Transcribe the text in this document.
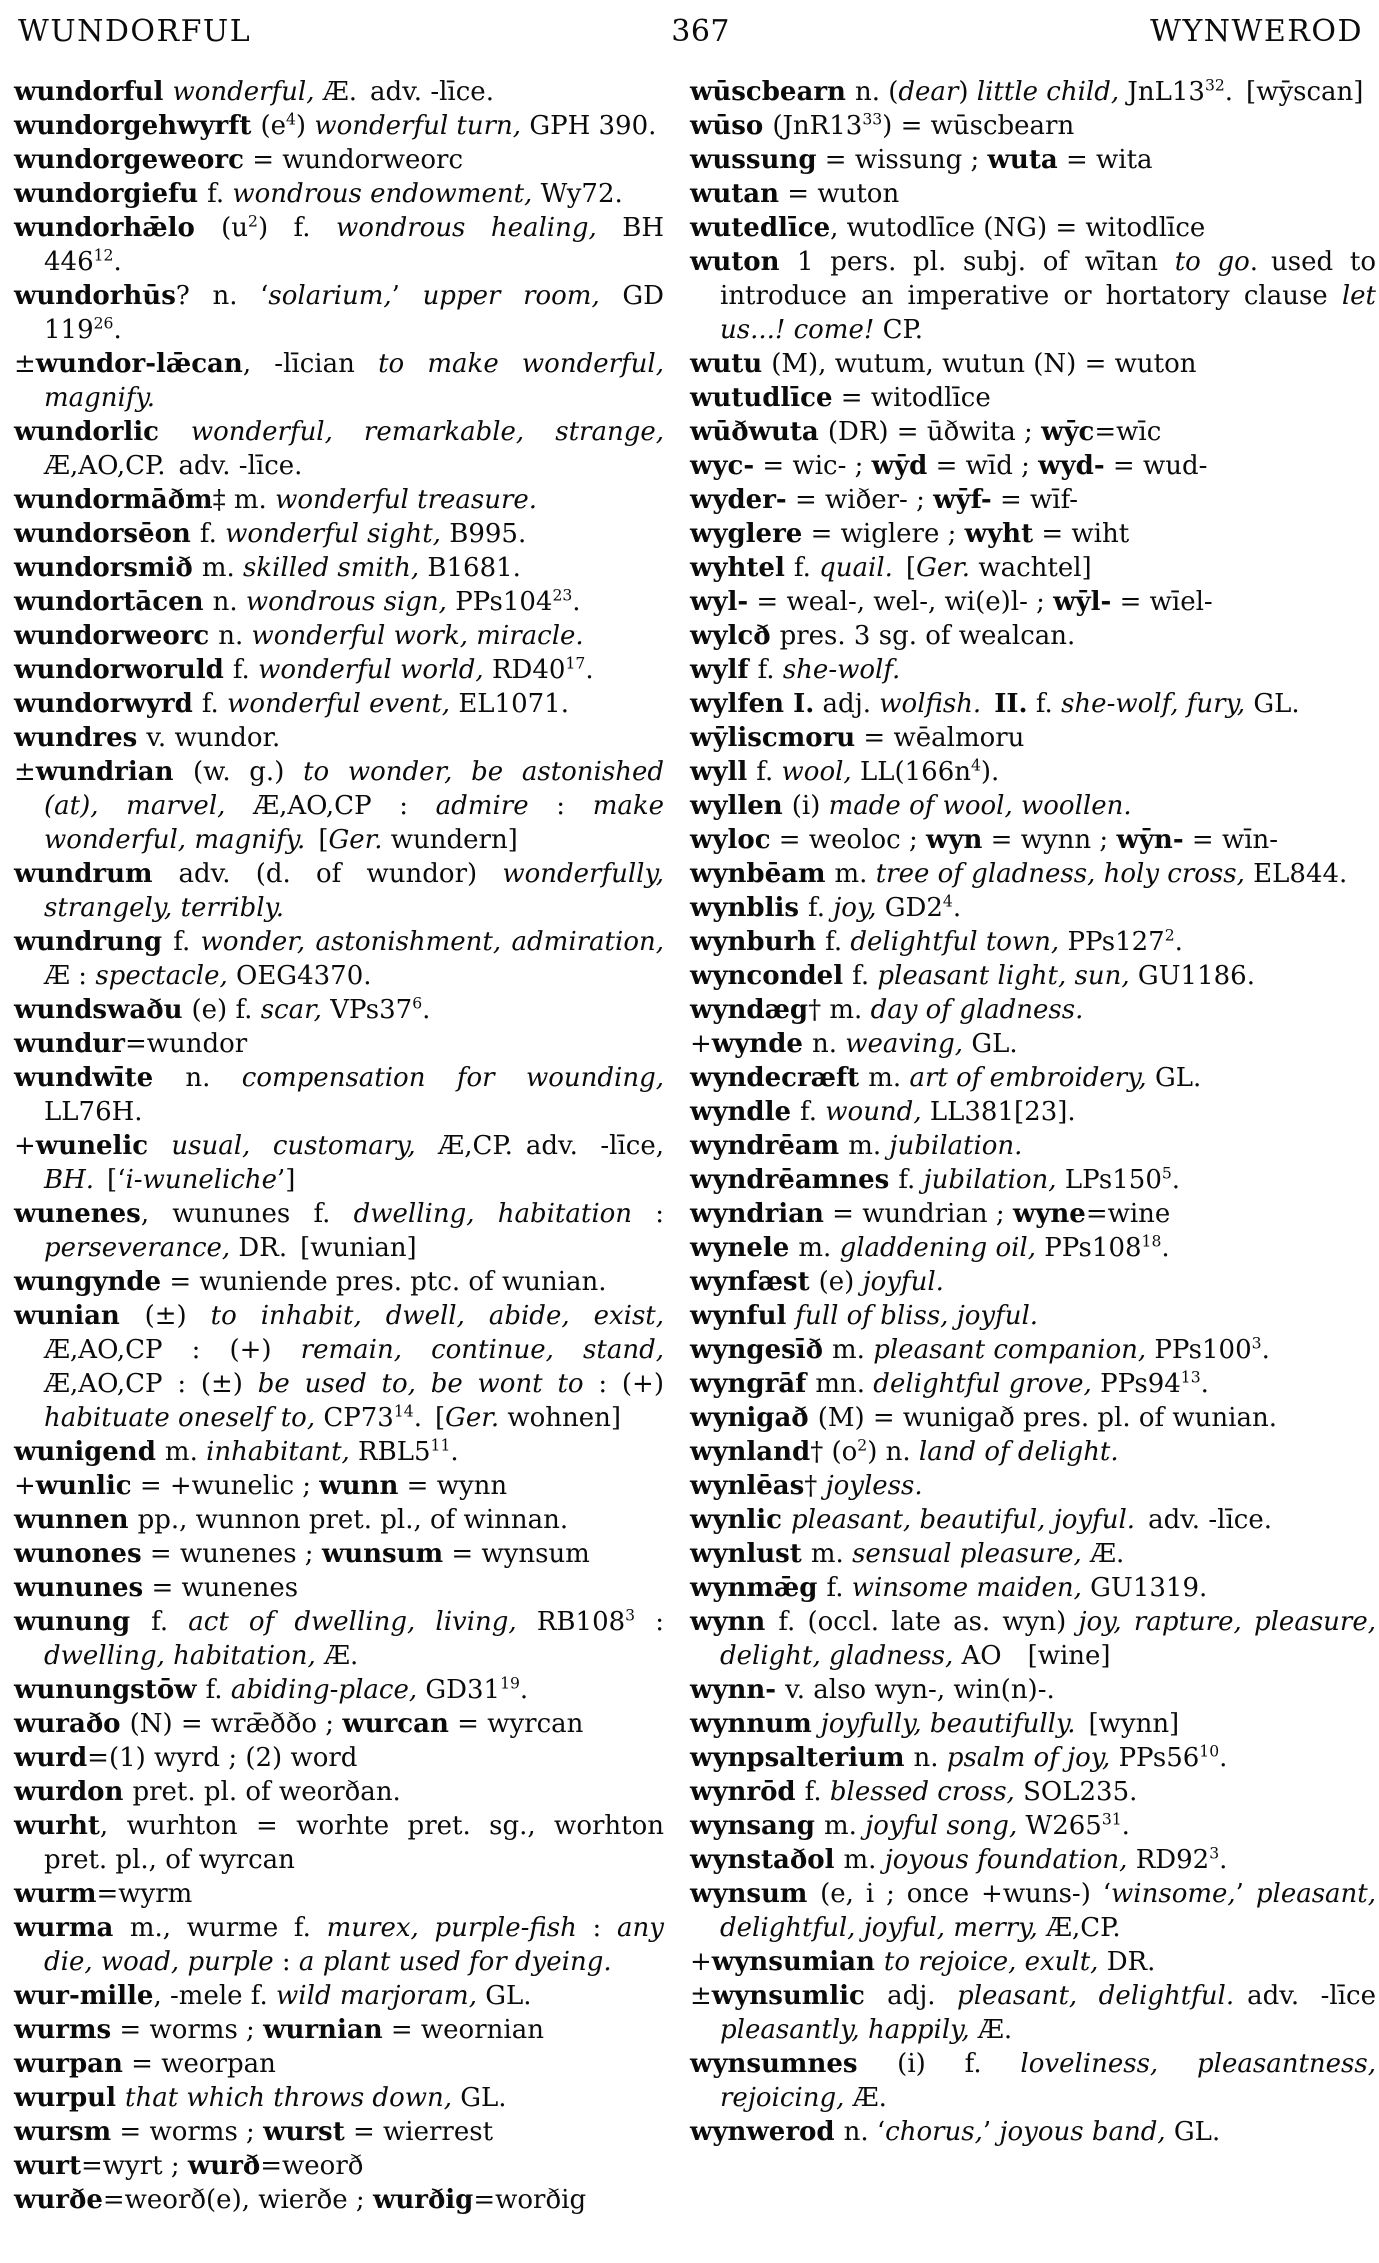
WUNDORFUL	367	WYNWEROD

wundorful wonderful, Æ. adv. -līce.

wundorgehwyrft $(e^4)$ wonderful turn, GPH 390.

wundorgeweorc = wundorweorc

wundorgiefu f. wondrous endowment, Wy72.

wundorhǣlo $(u^2)$ f. wondrous healing, BH $446^{12}$.

wundorhūs? n. ‘solarium,’ upper room, GD $119^{26}$.

±wundor-lǣcan, -līcian to make wonderful, magnify.

wundorlic wonderful, remarkable, strange, Æ,AO,CP. adv. -līce.

wundormāðm‡ m. wonderful treasure.

wundorsēon f. wonderful sight, B995.

wundorsmið m. skilled smith, B1681.

wundortācen n. wondrous sign, $PPs104^{23}$.

wundorweorc n. wonderful work, miracle.

wundorworuld f. wonderful world, $RD40^{17}$.

wundorwyrd f. wonderful event, EL1071.

wundres v. wundor.

±wundrian (w. g.) to wonder, be astonished (at), marvel, Æ,AO,CP : admire : make wonderful, magnify. [Ger. wundern]

wundrum adv. (d. of wundor) wonderfully, strangely, terribly.

wundrung f. wonder, astonishment, admiration, Æ : spectacle, OEG4370.

wundswaðu (e) f. scar, $VPs37^6$.

wundur=wundor

wundwīte n. compensation for wounding, LL76H.

+wunelic usual, customary, Æ,CP. adv. -līce, BH. [‘i-wuneliche’]

wunenes, wununes f. dwelling, habitation : perseverance, DR. [wunian]

wungynde = wuniende pres. ptc. of wunian.

wunian (±) to inhabit, dwell, abide, exist, Æ,AO,CP : (+) remain, continue, stand, Æ,AO,CP : (±) be used to, be wont to : (+) habituate oneself to, $CP73^{14}$. [Ger. wohnen]

wunigend m. inhabitant, $RBL5^{11}$.

+wunlic = +wunelic ; wunn = wynn

wunnen pp., wunnon pret. pl., of winnan.

wunones = wunenes ; wunsum = wynsum

wununes = wunenes

wunung f. act of dwelling, living, $RB108^3$ : dwelling, habitation, Æ.

wunungstōw f. abiding-place, $GD31^{19}$.

wuraðo (N) = wrǣððo ; wurcan = wyrcan

wurd=(1) wyrd ; (2) word

wurdon pret. pl. of weorðan.

wurht, wurhton = worhte pret. sg., worhton pret. pl., of wyrcan

wurm=wyrm

wurma m., wurme f. murex, purple-fish : any die, woad, purple : a plant used for dyeing.

wur-mille, -mele f. wild marjoram, GL.

wurms = worms ; wurnian = weornian

wurpan = weorpan

wurpul that which throws down, GL.

wursm = worms ; wurst = wierrest

wurt=wyrt ; wurð=weorð

wurðe=weorð(e), wierðe ; wurðig=worðig

wūscbearn n. (dear) little child, $JnL13^{32}$. [wȳscan]

wūso $(JnR13^{33})$ = wūscbearn

wussung = wissung ; wuta = wita

wutan = wuton

wutedlīce, wutodlīce (NG) = witodlīce

wuton 1 pers. pl. subj. of wītan to go. used to introduce an imperative or hortatory clause let us...! come! CP.

wutu (M), wutum, wutun (N) = wuton

wutudlīce = witodlīce

wūðwuta (DR) = ūðwita ; wȳc=wīc

wyc- = wic- ; wȳd = wīd ; wyd- = wud-

wyder- = wiðer- ; wȳf- = wīf-

wyglere = wiglere ; wyht = wiht

wyhtel f. quail. [Ger. wachtel]

wyl- = weal-, wel-, wi(e)l- ; wȳl- = wīel-

wylcð pres. 3 sg. of wealcan.

wylf f. she-wolf.

wylfen I. adj. wolfish.  II. f. she-wolf, fury, GL.

wȳliscmoru = wēalmoru

wyll f. wool, $LL(166n^4)$.

wyllen (i) made of wool, woollen.

wyloc = weoloc ; wyn = wynn ; wȳn- = wīn-

wynbēam m. tree of gladness, holy cross, EL844.

wynblis f. joy, $GD2^4$.

wynburh f. delightful town, $PPs127^2$.

wyncondel f. pleasant light, sun, GU1186.

wyndæg† m. day of gladness.

+wynde n. weaving, GL.

wyndecræft m. art of embroidery, GL.

wyndle f. wound, LL381[23].

wyndrēam m. jubilation.

wyndrēamnes f. jubilation, $LPs150^5$.

wyndrian = wundrian ; wyne=wine

wynele m. gladdening oil, $PPs108^{18}$.

wynfæst (e) joyful.

wynful full of bliss, joyful.

wyngesīð m. pleasant companion, $PPs100^3$.

wyngrāf mn. delightful grove, $PPs94^{13}$.

wynigað (M) = wunigað pres. pl. of wunian.

wynland† $(o^2)$ n. land of delight.

wynlēas† joyless.

wynlic pleasant, beautiful, joyful. adv. -līce.

wynlust m. sensual pleasure, Æ.

wynmǣg f. winsome maiden, GU1319.

wynn f. (occl. late as. wyn) joy, rapture, pleasure, delight, gladness, AO  [wine]

wynn- v. also wyn-, win(n)-.

wynnum joyfully, beautifully. [wynn]

wynpsalterium n. psalm of joy, $PPs56^{10}$.

wynrōd f. blessed cross, SOL235.

wynsang m. joyful song, $W265^{31}$.

wynstaðol m. joyous foundation, $RD92^3$.

wynsum (e, i ; once +wuns-) ‘winsome,’ pleasant, delightful, joyful, merry, Æ,CP.

+wynsumian to rejoice, exult, DR.

±wynsumlic adj. pleasant, delightful. adv. -līce pleasantly, happily, Æ.

wynsumnes (i) f. loveliness, pleasantness, rejoicing, Æ.

wynwerod n. ‘chorus,’ joyous band, GL.
